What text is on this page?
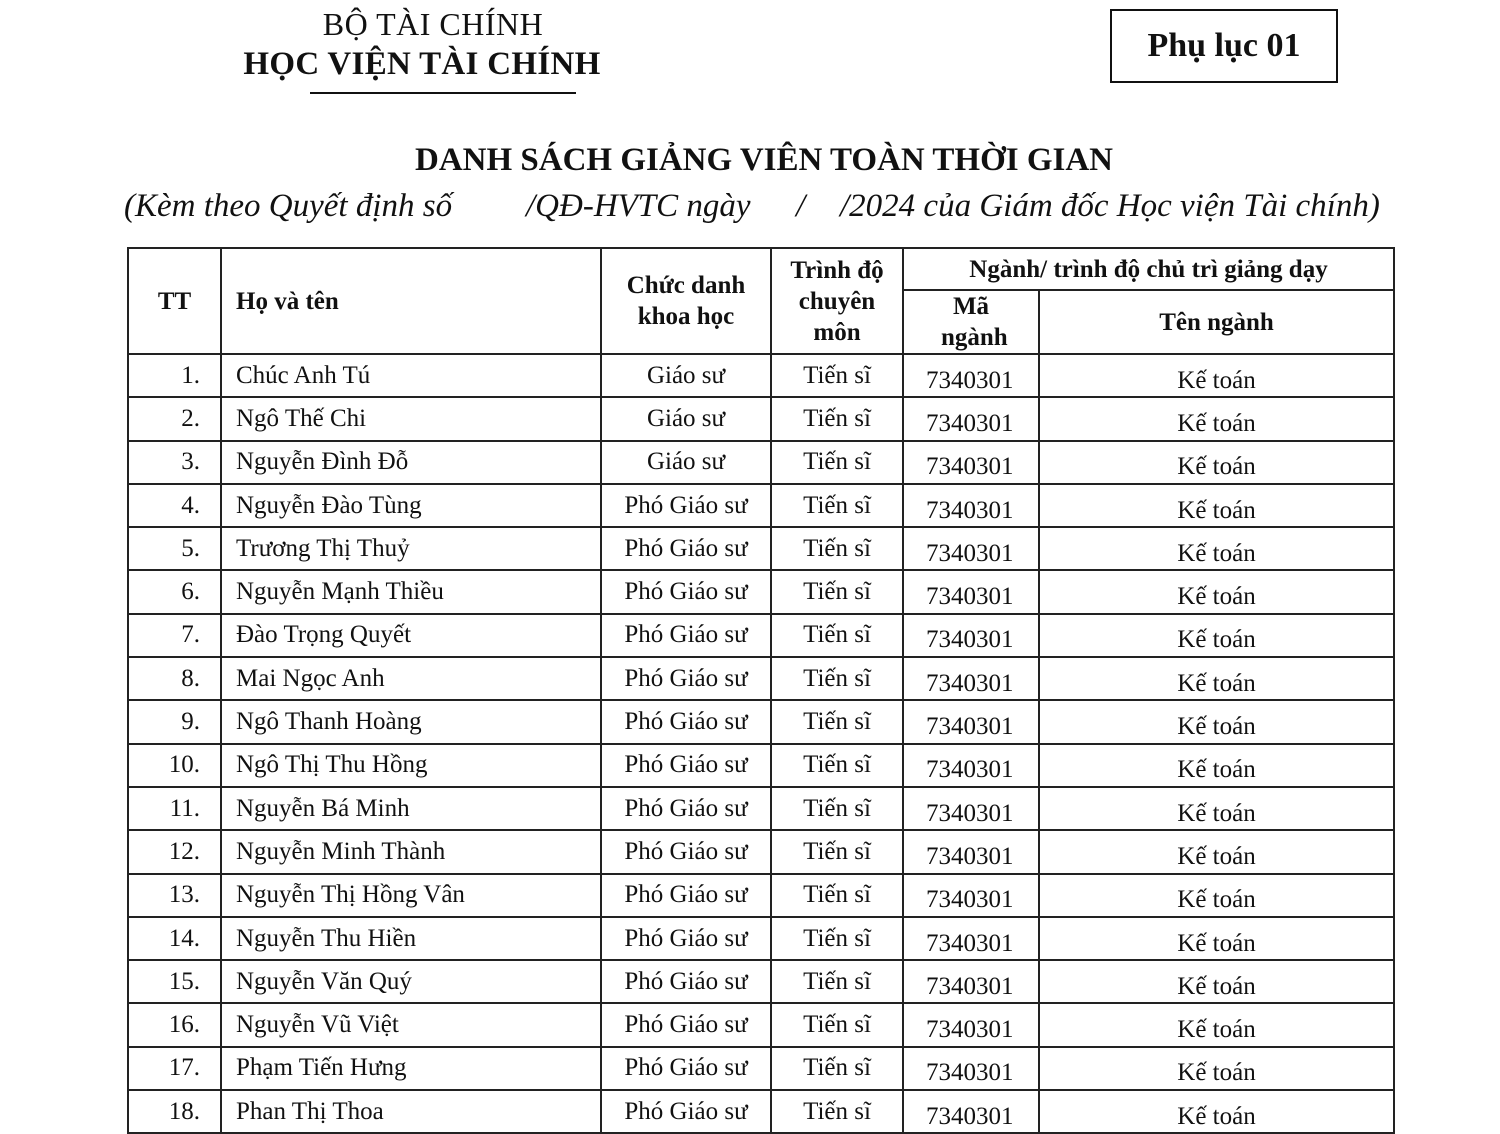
BỘ TÀI CHÍNH
HỌC VIỆN TÀI CHÍNH	Phụ lục 01
DANH SÁCH GIẢNG VIÊN TOÀN THỜI GIAN
(Kèm theo Quyết định số /QĐ-HVTC ngày / /2024 của Giám đốc Học viện Tài chính)
TT	Họ và tên	Chức danh khoa học	Trình độ chuyên môn	Ngành/ trình độ chủ trì giảng dạy	

				Mã ngành	Tên ngành
1.	Chúc Anh Tú	Giáo sư	Tiến sĩ	7340301	Kế toán
2.	Ngô Thế Chi	Giáo sư	Tiến sĩ	7340301	Kế toán
3.	Nguyễn Đình Đỗ	Giáo sư	Tiến sĩ	7340301	Kế toán
4.	Nguyễn Đào Tùng	Phó Giáo sư	Tiến sĩ	7340301	Kế toán
5.	Trương Thị Thuỷ	Phó Giáo sư	Tiến sĩ	7340301	Kế toán
6.	Nguyễn Mạnh Thiều	Phó Giáo sư	Tiến sĩ	7340301	Kế toán
7.	Đào Trọng Quyết	Phó Giáo sư	Tiến sĩ	7340301	Kế toán
8.	Mai Ngọc Anh	Phó Giáo sư	Tiến sĩ	7340301	Kế toán
9.	Ngô Thanh Hoàng	Phó Giáo sư	Tiến sĩ	7340301	Kế toán
10.	Ngô Thị Thu Hồng	Phó Giáo sư	Tiến sĩ	7340301	Kế toán
11.	Nguyễn Bá Minh	Phó Giáo sư	Tiến sĩ	7340301	Kế toán
12.	Nguyễn Minh Thành	Phó Giáo sư	Tiến sĩ	7340301	Kế toán
13.	Nguyễn Thị Hồng Vân	Phó Giáo sư	Tiến sĩ	7340301	Kế toán
14.	Nguyễn Thu Hiền	Phó Giáo sư	Tiến sĩ	7340301	Kế toán
15.	Nguyễn Văn Quý	Phó Giáo sư	Tiến sĩ	7340301	Kế toán
16.	Nguyễn Vũ Việt	Phó Giáo sư	Tiến sĩ	7340301	Kế toán
17.	Phạm Tiến Hưng	Phó Giáo sư	Tiến sĩ	7340301	Kế toán
18.	Phan Thị Thoa	Phó Giáo sư	Tiến sĩ	7340301	Kế toán
